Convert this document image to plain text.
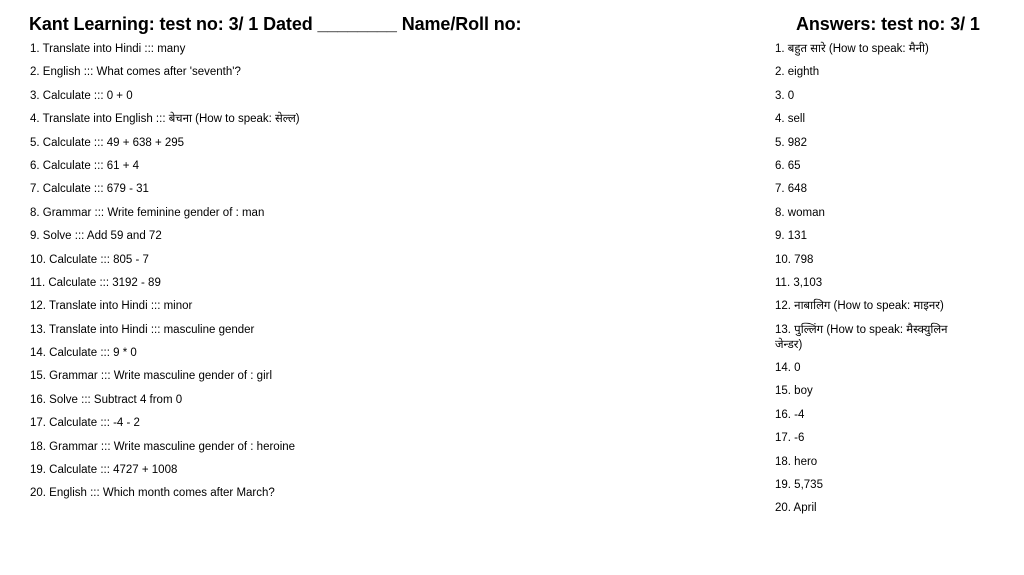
Kant Learning: test no: 3/ 1 Dated ________ Name/Roll no:	Answers: test no: 3/ 1
1. Translate into Hindi ::: many
2. English ::: What comes after 'seventh'?
3. Calculate ::: 0 + 0
4. Translate into English ::: बेचना (How to speak: सेल्ल)
5. Calculate ::: 49 + 638 + 295
6. Calculate ::: 61 + 4
7. Calculate ::: 679 - 31
8. Grammar ::: Write feminine gender of : man
9. Solve ::: Add 59 and 72
10. Calculate ::: 805 - 7
11. Calculate ::: 3192 - 89
12. Translate into Hindi ::: minor
13. Translate into Hindi ::: masculine gender
14. Calculate ::: 9 * 0
15. Grammar ::: Write masculine gender of : girl
16. Solve ::: Subtract 4 from 0
17. Calculate ::: -4 - 2
18. Grammar ::: Write masculine gender of : heroine
19. Calculate ::: 4727 + 1008
20. English ::: Which month comes after March?
1. बहुत सारे (How to speak: मैनी)
2. eighth
3. 0
4. sell
5. 982
6. 65
7. 648
8. woman
9. 131
10. 798
11. 3,103
12. नाबालिग (How to speak: माइनर)
13. पुल्लिंग (How to speak: मैस्क्युलिन जेन्डर)
14. 0
15. boy
16. -4
17. -6
18. hero
19. 5,735
20. April
